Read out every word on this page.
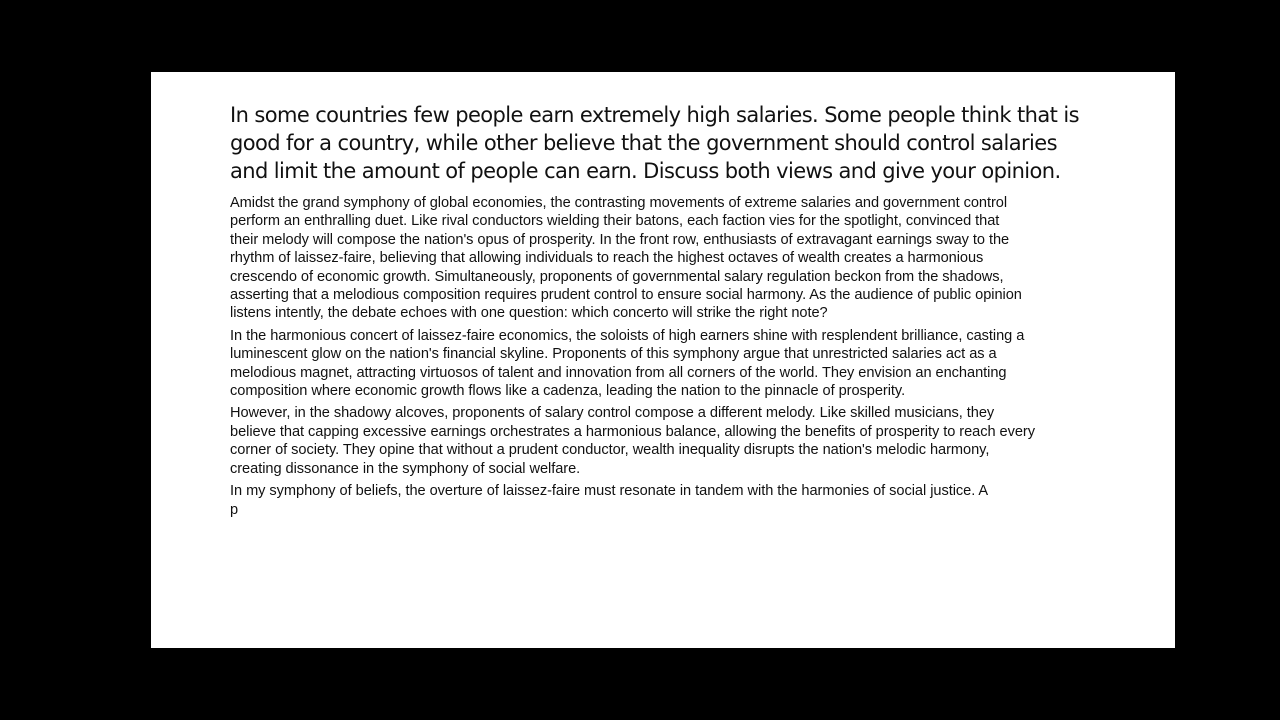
In some countries few people earn extremely high salaries. Some people think that is good for a country, while other believe that the government should control salaries and limit the amount of people can earn. Discuss both views and give your opinion.
Amidst the grand symphony of global economies, the contrasting movements of extreme salaries and government control
perform an enthralling duet. Like rival conductors wielding their batons, each faction vies for the spotlight, convinced that
their melody will compose the nation's opus of prosperity. In the front row, enthusiasts of extravagant earnings sway to the
rhythm of laissez-faire, believing that allowing individuals to reach the highest octaves of wealth creates a harmonious
crescendo of economic growth. Simultaneously, proponents of governmental salary regulation beckon from the shadows,
asserting that a melodious composition requires prudent control to ensure social harmony. As the audience of public opinion
listens intently, the debate echoes with one question: which concerto will strike the right note?
In the harmonious concert of laissez-faire economics, the soloists of high earners shine with resplendent brilliance, casting a
luminescent glow on the nation's financial skyline. Proponents of this symphony argue that unrestricted salaries act as a
melodious magnet, attracting virtuosos of talent and innovation from all corners of the world. They envision an enchanting
composition where economic growth flows like a cadenza, leading the nation to the pinnacle of prosperity.
However, in the shadowy alcoves, proponents of salary control compose a different melody. Like skilled musicians, they
believe that capping excessive earnings orchestrates a harmonious balance, allowing the benefits of prosperity to reach every
corner of society. They opine that without a prudent conductor, wealth inequality disrupts the nation's melodic harmony,
creating dissonance in the symphony of social welfare.
In my symphony of beliefs, the overture of laissez-faire must resonate in tandem with the harmonies of social justice. A
p
